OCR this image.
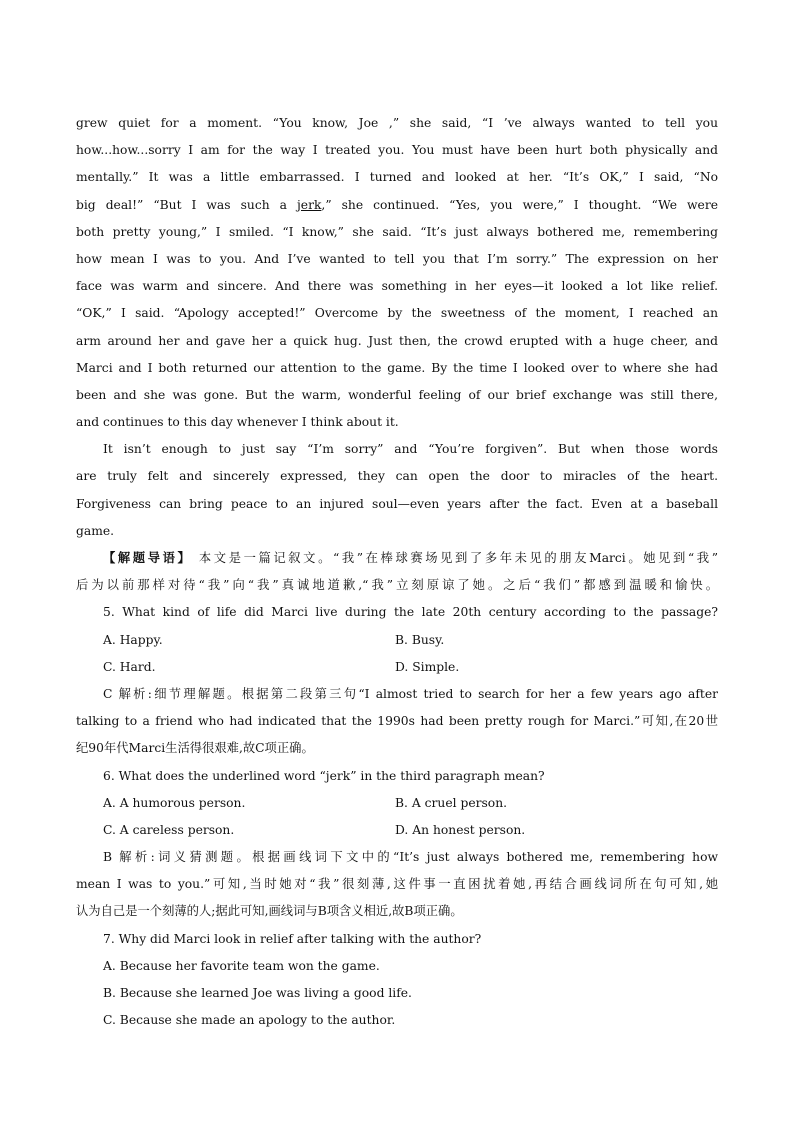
grew quiet for a moment. “You know, Joe ,” she said, “I ’ve always wanted to tell you
how...how...sorry I am for the way I treated you. You must have been hurt both physically and
mentally.” It was a little embarrassed. I turned and looked at her. “It’s OK,” I said, “No
big deal!” “But I was such a jerk,” she continued. “Yes, you were,” I thought. “We were
both pretty young,” I smiled. “I know,” she said. “It’s just always bothered me, remembering
how mean I was to you. And I’ve wanted to tell you that I’m sorry.” The expression on her
face was warm and sincere. And there was something in her eyes—it looked a lot like relief.
“OK,” I said. “Apology accepted!” Overcome by the sweetness of the moment, I reached an
arm around her and gave her a quick hug. Just then, the crowd erupted with a huge cheer, and
Marci and I both returned our attention to the game. By the time I looked over to where she had
been and she was gone. But the warm, wonderful feeling of our brief exchange was still there,
and continues to this day whenever I think about it.
It isn’t enough to just say “I’m sorry” and “You’re forgiven”. But when those words
are truly felt and sincerely expressed, they can open the door to miracles of the heart.
Forgiveness can bring peace to an injured soul—even years after the fact. Even at a baseball
game.
【解题导语】 本文是一篇记叙文。“我”在棒球赛场见到了多年未见的朋友Marci。她见到“我”
后为以前那样对待“我”向“我”真诚地道歉,“我”立刻原谅了她。之后“我们”都感到温暖和愉快。
5. What kind of life did Marci live during the late 20th century according to the passage?
A. Happy.	B. Busy.
C. Hard.	D. Simple.
C 解析:细节理解题。根据第二段第三句“I almost tried to search for her a few years ago after
talking to a friend who had indicated that the 1990s had been pretty rough for Marci.”可知,在20世
纪90年代Marci生活得很艰难,故C项正确。
6. What does the underlined word “jerk” in the third paragraph mean?
A. A humorous person.	B. A cruel person.
C. A careless person.	D. An honest person.
B 解析:词义猜测题。根据画线词下文中的“It’s just always bothered me, remembering how
mean I was to you.”可知,当时她对“我”很刻薄,这件事一直困扰着她,再结合画线词所在句可知,她
认为自己是一个刻薄的人;据此可知,画线词与B项含义相近,故B项正确。
7. Why did Marci look in relief after talking with the author?
A. Because her favorite team won the game.
B. Because she learned Joe was living a good life.
C. Because she made an apology to the author.
